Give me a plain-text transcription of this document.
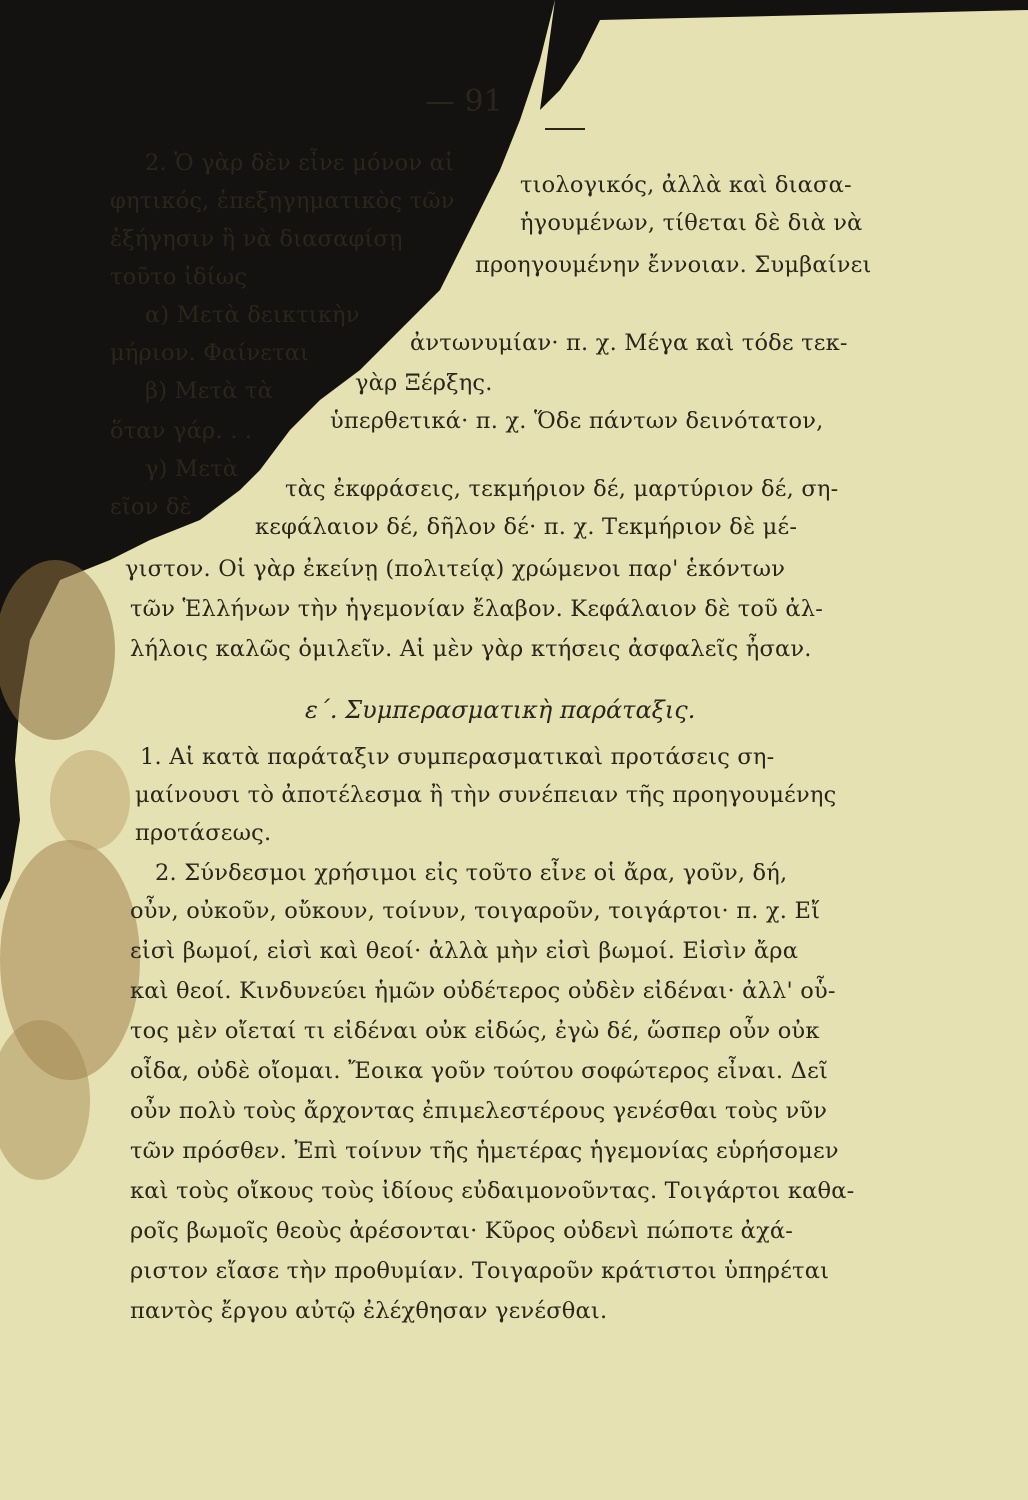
— 91
2. Ὁ γὰρ δὲν εἶνε μόνον αἰ
φητικός, ἐπεξηγηματικὸς τῶν
ἐξήγησιν ἢ νὰ διασαφίσῃ
τοῦτο ἰδίως
α) Μετὰ δεικτικὴν
μήριον. Φαίνεται
β) Μετὰ τὰ
ὅταν γάρ. . .
γ) Μετὰ
εῖον δὲ
τιολογικός, ἀλλὰ καὶ διασα-
ἡγουμένων, τίθεται δὲ διὰ νὰ
προηγουμένην ἔννοιαν. Συμβαίνει
ἀντωνυμίαν· π. χ. Μέγα καὶ τόδε τεκ-
γὰρ Ξέρξης.
ὑπερθετικά· π. χ. Ὅδε πάντων δεινότατον,
τὰς ἐκφράσεις, τεκμήριον δέ, μαρτύριον δέ, ση-
κεφάλαιον δέ, δῆλον δέ· π. χ. Τεκμήριον δὲ μέ-
γιστον. Οἱ γὰρ ἐκείνῃ (πολιτείᾳ) χρώμενοι παρ' ἑκόντων
τῶν Ἑλλήνων τὴν ἡγεμονίαν ἔλαβον. Κεφάλαιον δὲ τοῦ ἀλ-
λήλοις καλῶς ὁμιλεῖν. Αἱ μὲν γὰρ κτήσεις ἀσφαλεῖς ἦσαν.
ε΄. Συμπερασματικὴ παράταξις.
1. Αἱ κατὰ παράταξιν συμπερασματικαὶ προτάσεις ση-
μαίνουσι τὸ ἀποτέλεσμα ἢ τὴν συνέπειαν τῆς προηγουμένης
προτάσεως.
2. Σύνδεσμοι χρήσιμοι εἰς τοῦτο εἶνε οἱ ἄρα, γοῦν, δή,
οὖν, οὐκοῦν, οὔκουν, τοίνυν, τοιγαροῦν, τοιγάρτοι· π. χ. Εἴ
εἰσὶ βωμοί, εἰσὶ καὶ θεοί· ἀλλὰ μὴν εἰσὶ βωμοί. Εἰσὶν ἄρα
καὶ θεοί. Κινδυνεύει ἡμῶν οὐδέτερος οὐδὲν εἰδέναι· ἀλλ' οὗ-
τος μὲν οἴεταί τι εἰδέναι οὐκ εἰδώς, ἐγὼ δέ, ὥσπερ οὖν οὐκ
οἶδα, οὐδὲ οἴομαι. Ἔοικα γοῦν τούτου σοφώτερος εἶναι. Δεῖ
οὖν πολὺ τοὺς ἄρχοντας ἐπιμελεστέρους γενέσθαι τοὺς νῦν
τῶν πρόσθεν. Ἐπὶ τοίνυν τῆς ἡμετέρας ἡγεμονίας εὑρήσομεν
καὶ τοὺς οἴκους τοὺς ἰδίους εὐδαιμονοῦντας. Τοιγάρτοι καθα-
ροῖς βωμοῖς θεοὺς ἀρέσονται· Κῦρος οὐδενὶ πώποτε ἀχά-
ριστον εἴασε τὴν προθυμίαν. Τοιγαροῦν κράτιστοι ὑπηρέται
παντὸς ἔργου αὐτῷ ἐλέχθησαν γενέσθαι.
